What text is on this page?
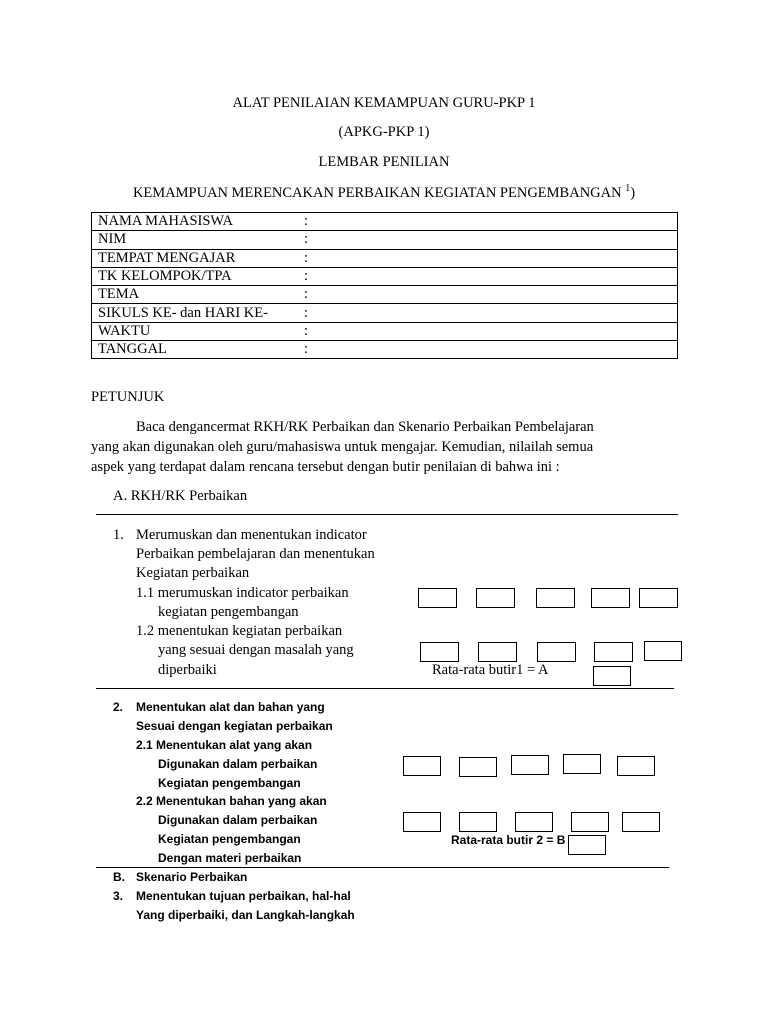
ALAT PENILAIAN KEMAMPUAN GURU-PKP 1
(APKG-PKP 1)
LEMBAR PENILIAN
KEMAMPUAN MERENCAKAN PERBAIKAN KEGIATAN PENGEMBANGAN $^1$)
NAMA MAHASISWA	:	
NIM	:	
TEMPAT MENGAJAR	:	
TK KELOMPOK/TPA	:	
TEMA	:	
SIKULS KE- dan HARI KE-	:	
WAKTU	:	
TANGGAL	:	
PETUNJUK
Baca dengancermat RKH/RK Perbaikan dan Skenario Perbaikan Pembelajaran
yang akan digunakan oleh guru/mahasiswa untuk mengajar. Kemudian, nilailah semua
aspek yang terdapat dalam rencana tersebut dengan butir penilaian di bahwa ini :
A. RKH/RK Perbaikan
1. Merumuskan dan menentukan indicator
Perbaikan pembelajaran dan menentukan
Kegiatan perbaikan
1.1 merumuskan indicator perbaikan
kegiatan pengembangan
1.2 menentukan kegiatan perbaikan
yang sesuai dengan masalah yang
diperbaiki	Rata-rata butir1 = A
2. Menentukan alat dan bahan yang
Sesuai dengan kegiatan perbaikan
2.1 Menentukan alat yang akan
Digunakan dalam perbaikan
Kegiatan pengembangan
2.2 Menentukan bahan yang akan
Digunakan dalam perbaikan
Kegiatan pengembangan
Dengan materi perbaikan
Rata-rata butir 2 = B
B. Skenario Perbaikan
3. Menentukan tujuan perbaikan, hal-hal
Yang diperbaiki, dan Langkah-langkah
